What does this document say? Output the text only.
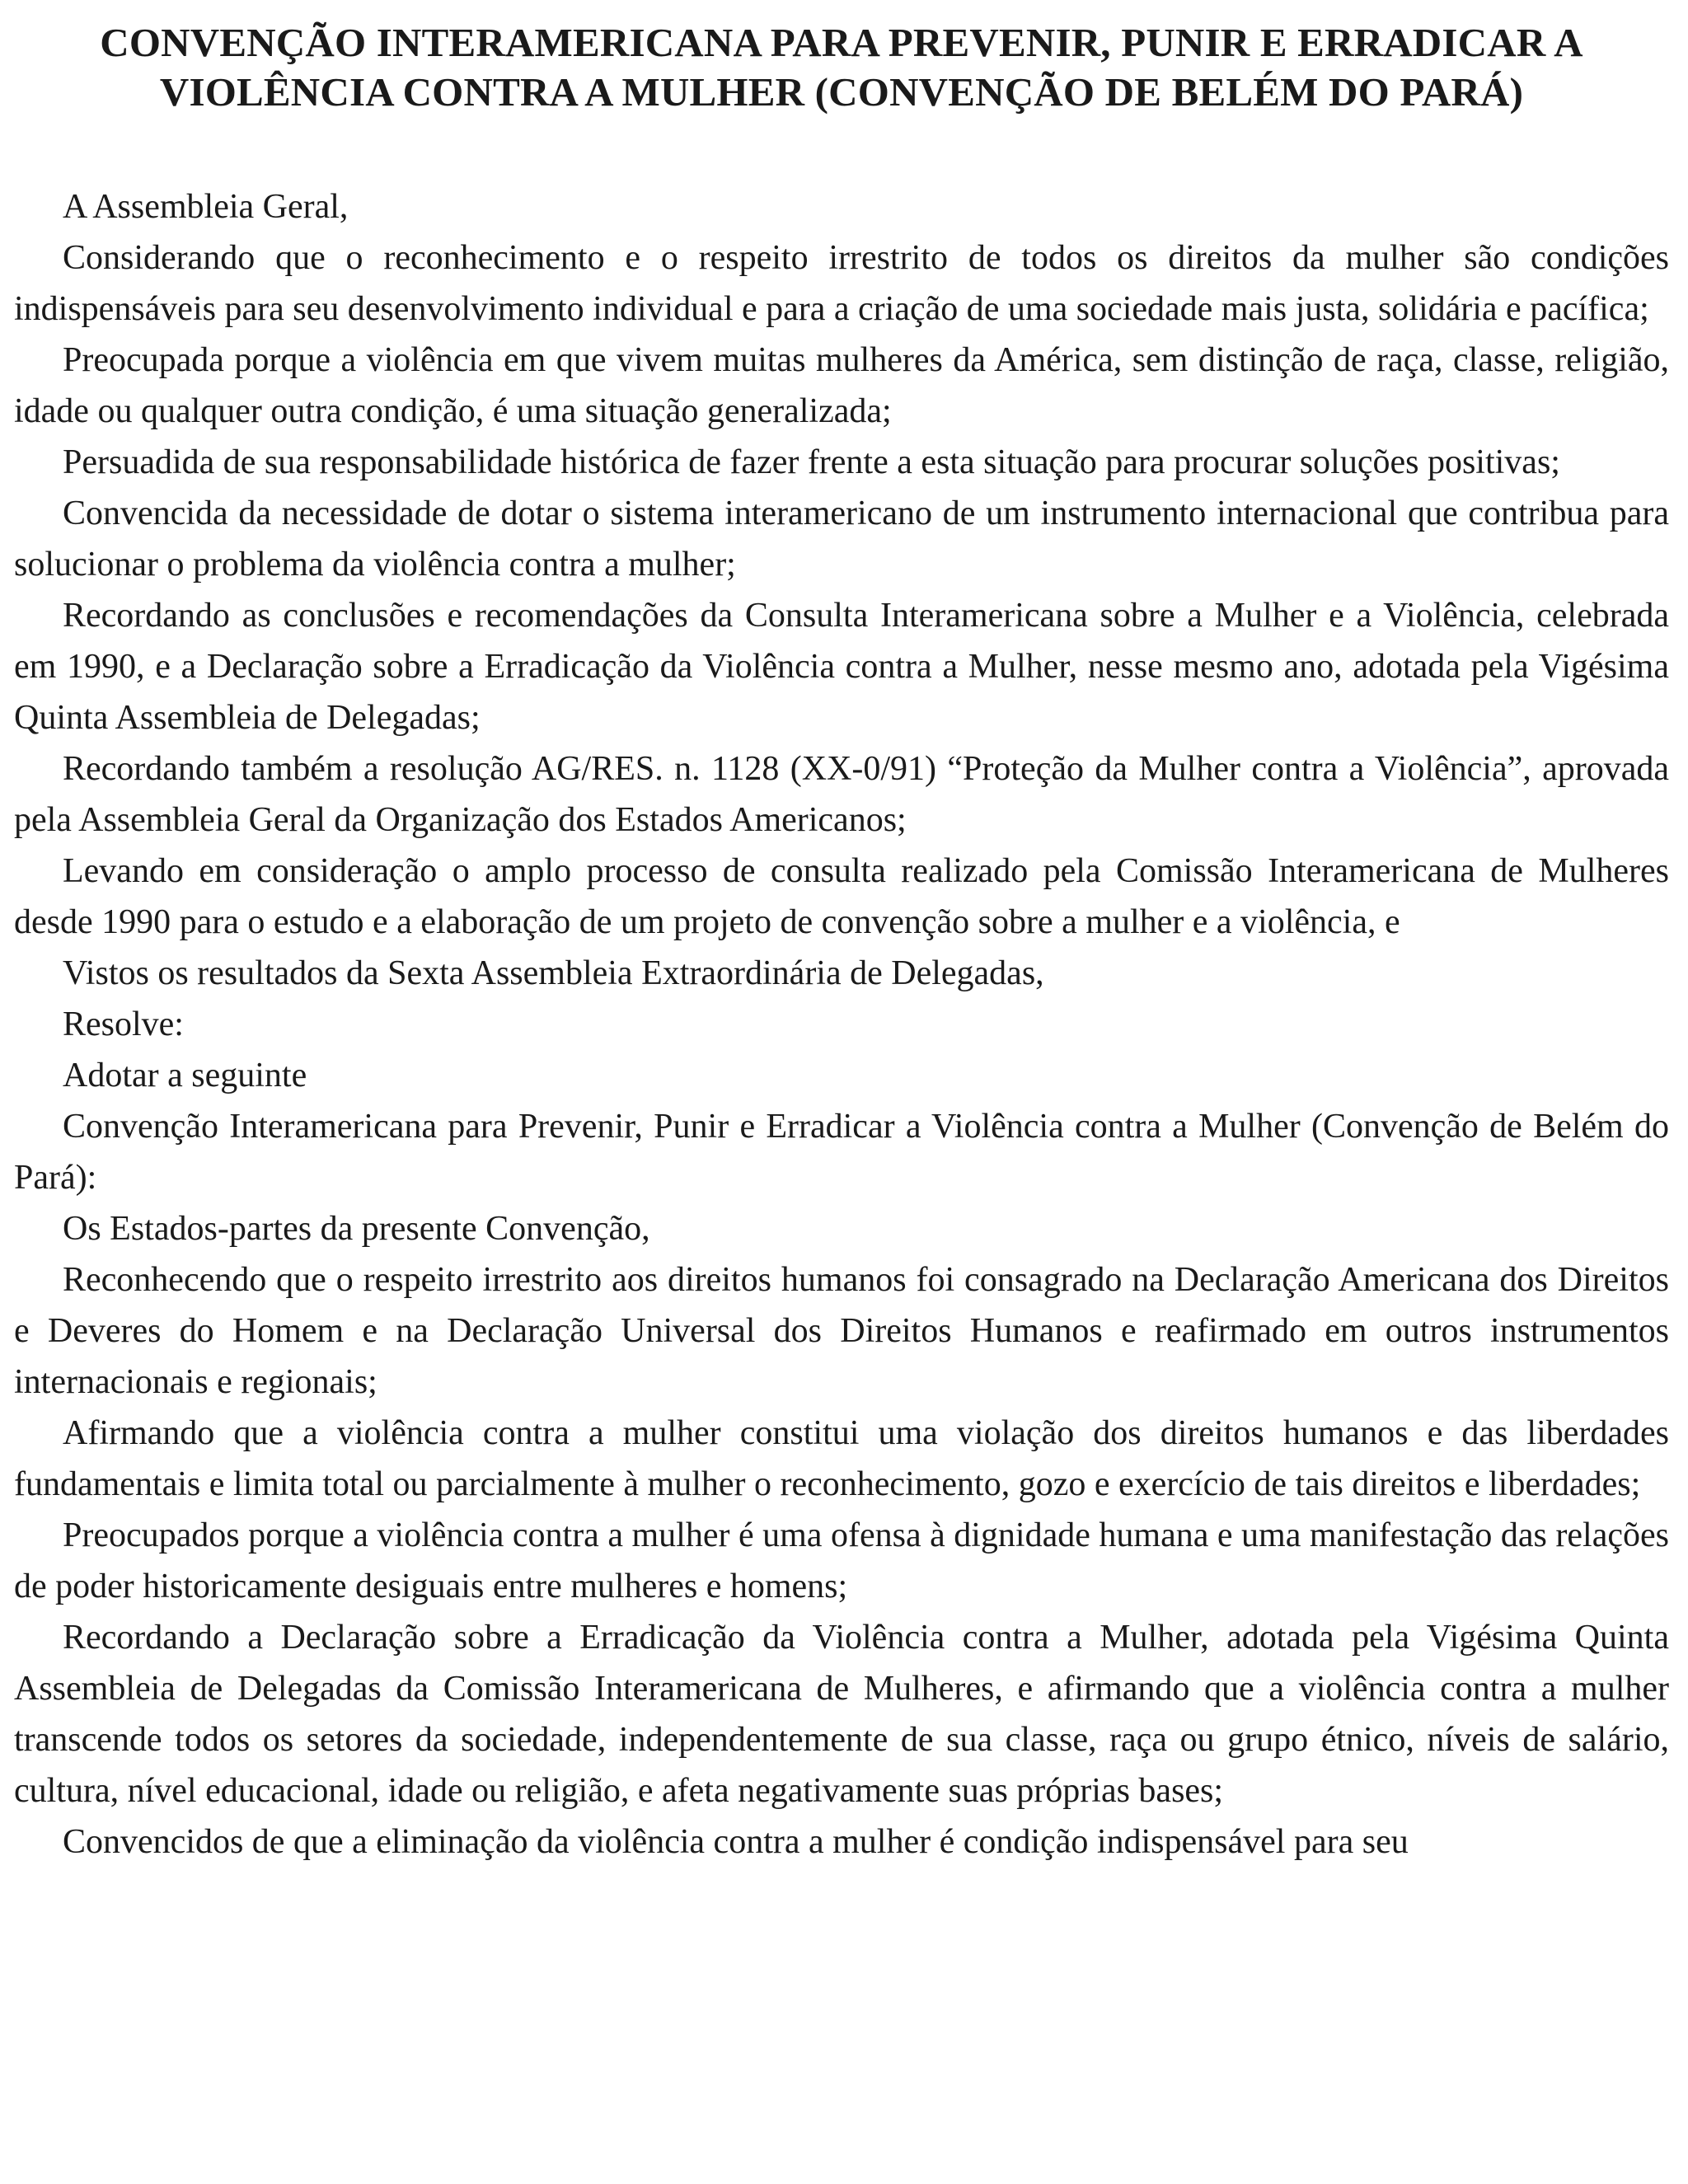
CONVENÇÃO INTERAMERICANA PARA PREVENIR, PUNIR E ERRADICAR A VIOLÊNCIA CONTRA A MULHER (CONVENÇÃO DE BELÉM DO PARÁ)

A Assembleia Geral,

Considerando que o reconhecimento e o respeito irrestrito de todos os direitos da mulher são condições indispensáveis para seu desenvolvimento individual e para a criação de uma sociedade mais justa, solidária e pacífica;

Preocupada porque a violência em que vivem muitas mulheres da América, sem distinção de raça, classe, religião, idade ou qualquer outra condição, é uma situação generalizada;

Persuadida de sua responsabilidade histórica de fazer frente a esta situação para procurar soluções positivas;

Convencida da necessidade de dotar o sistema interamericano de um instrumento internacional que contribua para solucionar o problema da violência contra a mulher;

Recordando as conclusões e recomendações da Consulta Interamericana sobre a Mulher e a Violência, celebrada em 1990, e a Declaração sobre a Erradicação da Violência contra a Mulher, nesse mesmo ano, adotada pela Vigésima Quinta Assembleia de Delegadas;

Recordando também a resolução AG/RES. n. 1128 (XX-0/91) “Proteção da Mulher contra a Violência”, aprovada pela Assembleia Geral da Organização dos Estados Americanos;

Levando em consideração o amplo processo de consulta realizado pela Comissão Interamericana de Mulheres desde 1990 para o estudo e a elaboração de um projeto de convenção sobre a mulher e a violência, e

Vistos os resultados da Sexta Assembleia Extraordinária de Delegadas,

Resolve:

Adotar a seguinte

Convenção Interamericana para Prevenir, Punir e Erradicar a Violência contra a Mulher (Convenção de Belém do Pará):

Os Estados-partes da presente Convenção,

Reconhecendo que o respeito irrestrito aos direitos humanos foi consagrado na Declaração Americana dos Direitos e Deveres do Homem e na Declaração Universal dos Direitos Humanos e reafirmado em outros instrumentos internacionais e regionais;

Afirmando que a violência contra a mulher constitui uma violação dos direitos humanos e das liberdades fundamentais e limita total ou parcialmente à mulher o reconhecimento, gozo e exercício de tais direitos e liberdades;

Preocupados porque a violência contra a mulher é uma ofensa à dignidade humana e uma manifestação das relações de poder historicamente desiguais entre mulheres e homens;

Recordando a Declaração sobre a Erradicação da Violência contra a Mulher, adotada pela Vigésima Quinta Assembleia de Delegadas da Comissão Interamericana de Mulheres, e afirmando que a violência contra a mulher transcende todos os setores da sociedade, independentemente de sua classe, raça ou grupo étnico, níveis de salário, cultura, nível educacional, idade ou religião, e afeta negativamente suas próprias bases;

Convencidos de que a eliminação da violência contra a mulher é condição indispensável para seu
